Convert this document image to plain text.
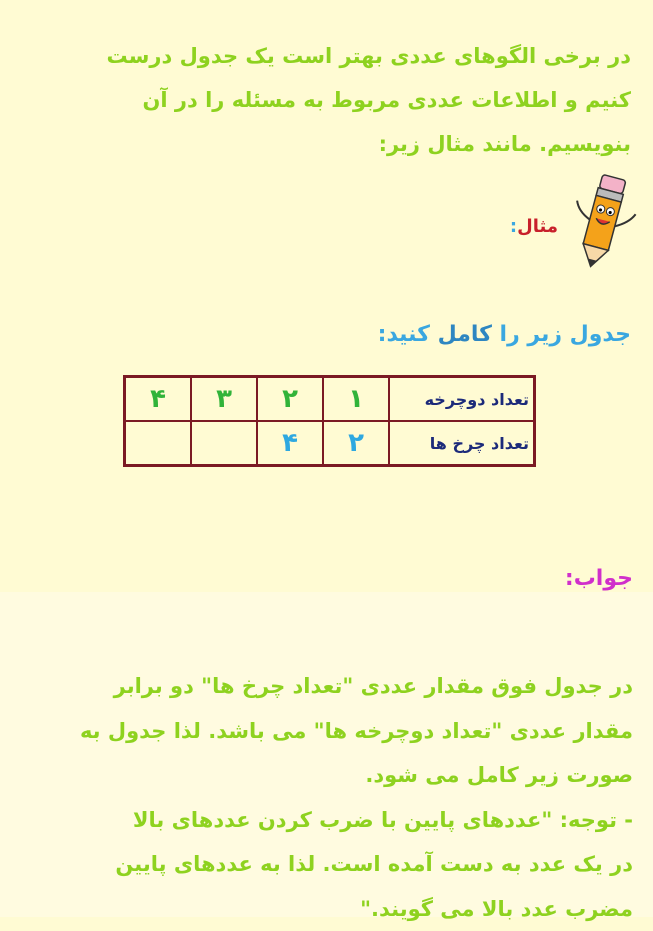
در برخی الگوهای عددی بهتر است یک جدول درست
کنیم و اطلاعات عددی مربوط به مسئله را در آن
بنویسیم. مانند مثال زیر:
مثال:
جدول زیر را کامل کنید:
تعداد دوچرخه	۱	۲	۳	۴
تعداد چرخ ها	۲	۴		
جواب:
در جدول فوق مقدار عددی "تعداد چرخ ها" دو برابر
مقدار عددی "تعداد دوچرخه ها" می باشد. لذا جدول به
صورت زیر کامل می شود.
- توجه: "عددهای پایین با ضرب کردن عددهای بالا
در یک عدد به دست آمده است. لذا به عددهای پایین
مضرب عدد بالا می گویند."
